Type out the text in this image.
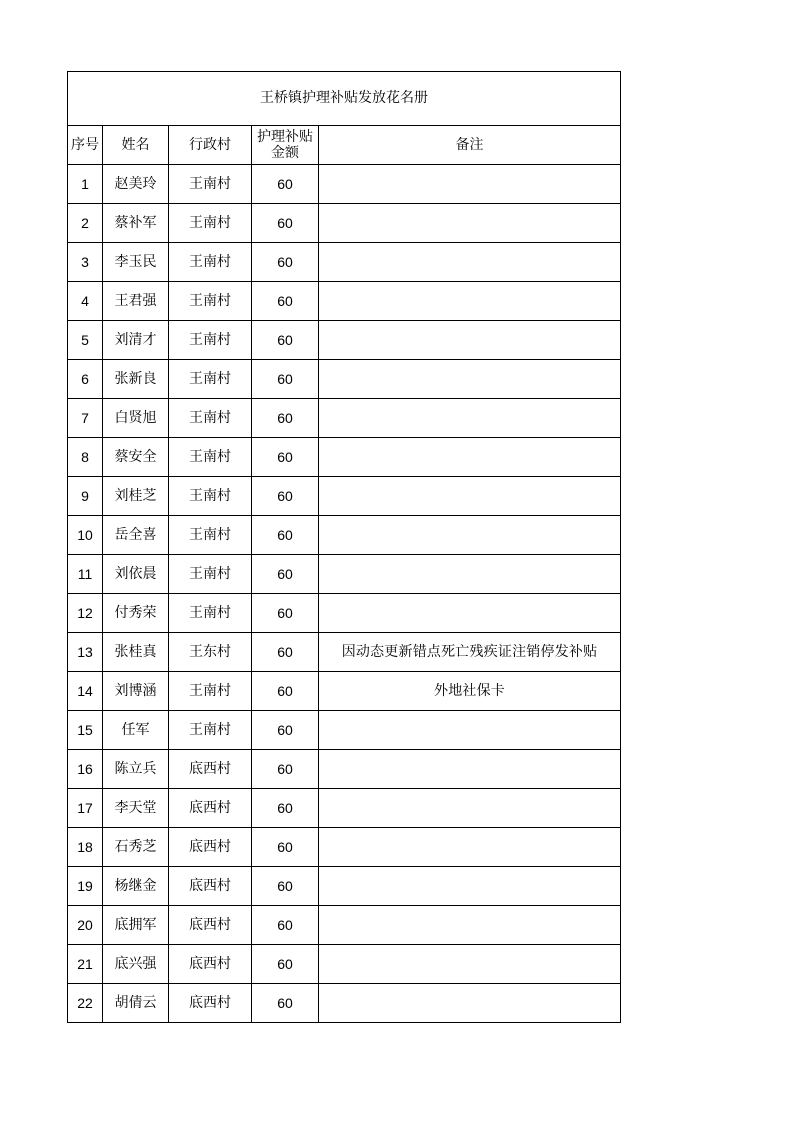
王桥镇护理补贴发放花名册				
序号	姓名	行政村	护理补贴金额	备注
1	赵美玲	王南村	60	
2	蔡补军	王南村	60	
3	李玉民	王南村	60	
4	王君强	王南村	60	
5	刘清才	王南村	60	
6	张新良	王南村	60	
7	白贤旭	王南村	60	
8	蔡安全	王南村	60	
9	刘桂芝	王南村	60	
10	岳全喜	王南村	60	
11	刘依晨	王南村	60	
12	付秀荣	王南村	60	
13	张桂真	王东村	60	因动态更新错点死亡残疾证注销停发补贴
14	刘博涵	王南村	60	外地社保卡
15	任军	王南村	60	
16	陈立兵	底西村	60	
17	李天堂	底西村	60	
18	石秀芝	底西村	60	
19	杨继金	底西村	60	
20	底拥军	底西村	60	
21	底兴强	底西村	60	
22	胡倩云	底西村	60	
